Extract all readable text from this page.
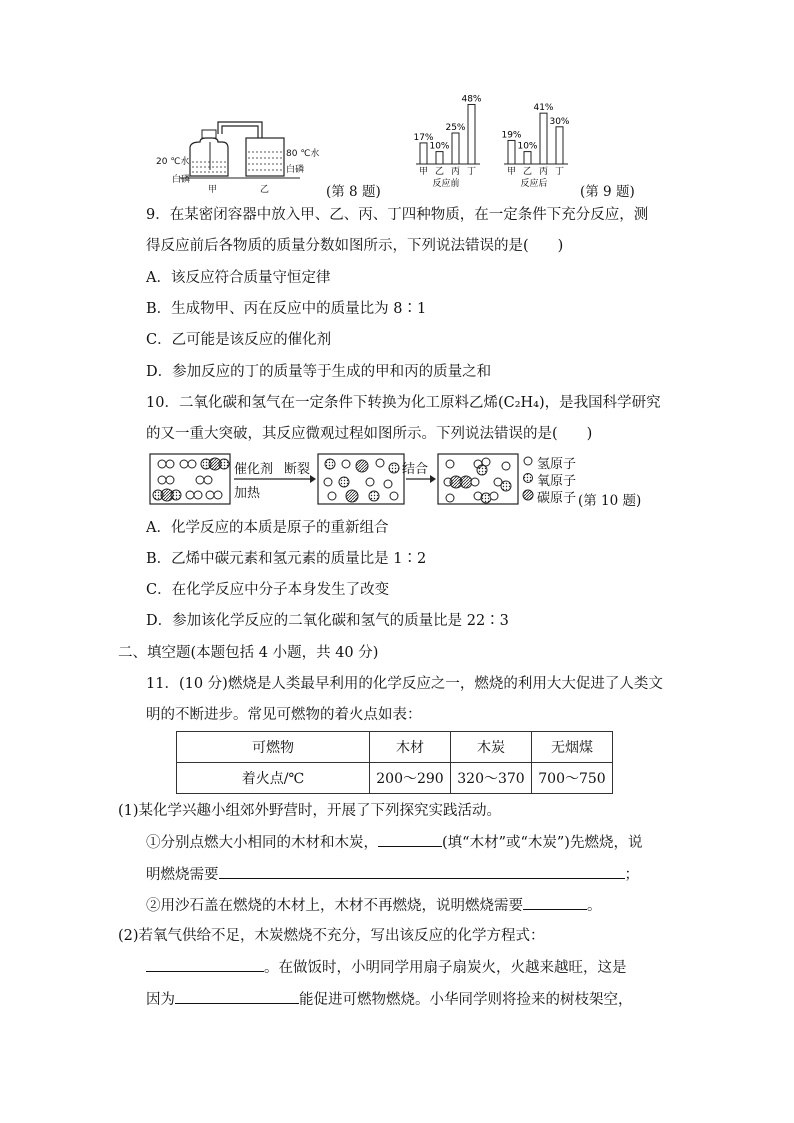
20 ℃水
白磷
甲	乙
80 ℃水
白磷
(第 8 题)
17%
甲
10%
乙
25%
丙
48%
丁
反应前
19%
甲
10%
乙
41%
丙
30%
丁
反应后 (第 9 题)
9．在某密闭容器中放入甲、乙、丙、丁四种物质，在一定条件下充分反应，测
得反应前后各物质的质量分数如图所示，下列说法错误的是(　　)
A．该反应符合质量守恒定律
B．生成物甲、丙在反应中的质量比为 8∶1
C．乙可能是该反应的催化剂
D．参加反应的丁的质量等于生成的甲和丙的质量之和
10．二氧化碳和氢气在一定条件下转换为化工原料乙烯(C₂H₄)，是我国科学研究
的又一重大突破，其反应微观过程如图所示。下列说法错误的是(　　)
催化剂
加热
断裂	结合	氢原子
氧原子
碳原子 (第 10 题)
A．化学反应的本质是原子的重新组合
B．乙烯中碳元素和氢元素的质量比是 1∶2
C．在化学反应中分子本身发生了改变
D．参加该化学反应的二氧化碳和氢气的质量比是 22∶3
二、填空题(本题包括 4 小题，共 40 分)
11．(10 分)燃烧是人类最早利用的化学反应之一，燃烧的利用大大促进了人类文
明的不断进步。常见可燃物的着火点如表：
可燃物	木材	木炭	无烟煤
着火点/℃	200～290	320～370	700～750
(1)某化学兴趣小组郊外野营时，开展了下列探究实践活动。
①分别点燃大小相同的木材和木炭，	(填“木材”或“木炭”)先燃烧，说
明燃烧需要	；
②用沙石盖在燃烧的木材上，木材不再燃烧，说明燃烧需要	。
(2)若氧气供给不足，木炭燃烧不充分，写出该反应的化学方程式：
。在做饭时，小明同学用扇子扇炭火，火越来越旺，这是
因为	能促进可燃物燃烧。小华同学则将捡来的树枝架空，
